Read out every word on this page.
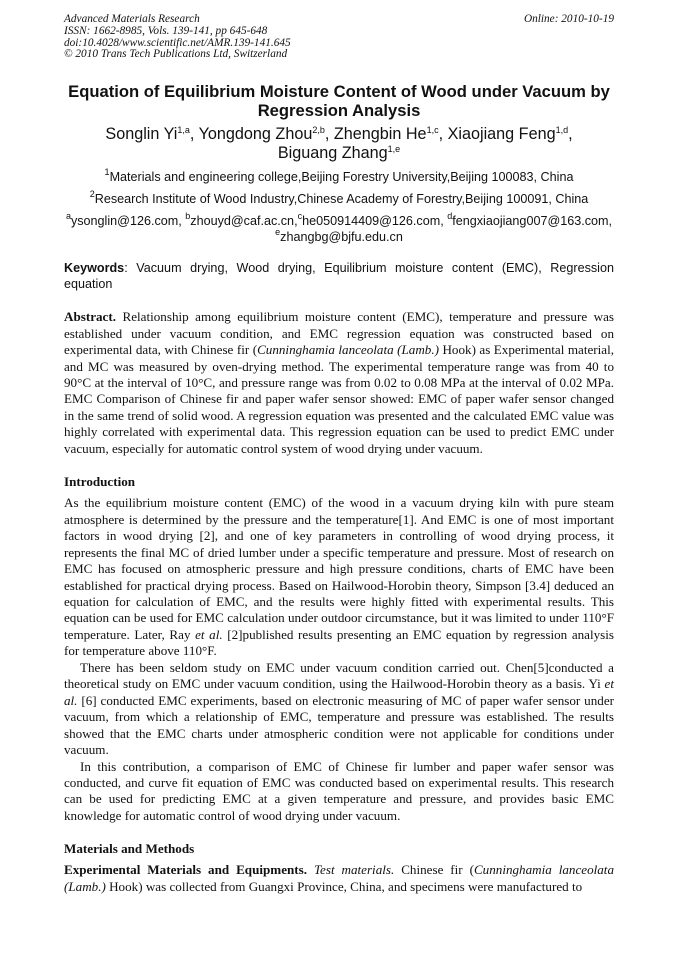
Online: 2010-10-19
Advanced Materials Research
ISSN: 1662-8985, Vols. 139-141, pp 645-648
doi:10.4028/www.scientific.net/AMR.139-141.645
© 2010 Trans Tech Publications Ltd, Switzerland
Equation of Equilibrium Moisture Content of Wood under Vacuum by Regression Analysis
Songlin Yi$^{1,a}$, Yongdong Zhou$^{2,b}$, Zhengbin He$^{1,c}$, Xiaojiang Feng$^{1,d}$,
Biguang Zhang$^{1,e}$
$^1$Materials and engineering college,Beijing Forestry University,Beijing 100083, China
$^2$Research Institute of Wood Industry,Chinese Academy of Forestry,Beijing 100091, China
$^a$ysonglin@126.com, $^b$zhouyd@caf.ac.cn,$^c$he050914409@126.com, $^d$fengxiaojiang007@163.com,
$^e$zhangbg@bjfu.edu.cn
Keywords: Vacuum drying, Wood drying, Equilibrium moisture content (EMC), Regression equation
Abstract. Relationship among equilibrium moisture content (EMC), temperature and pressure was established under vacuum condition, and EMC regression equation was constructed based on experimental data, with Chinese fir (Cunninghamia lanceolata (Lamb.) Hook) as Experimental material, and MC was measured by oven-drying method. The experimental temperature range was from 40 to 90°C at the interval of 10°C, and pressure range was from 0.02 to 0.08 MPa at the interval of 0.02 MPa. EMC Comparison of Chinese fir and paper wafer sensor showed: EMC of paper wafer sensor changed in the same trend of solid wood. A regression equation was presented and the calculated EMC value was highly correlated with experimental data. This regression equation can be used to predict EMC under vacuum, especially for automatic control system of wood drying under vacuum.
Introduction
As the equilibrium moisture content (EMC) of the wood in a vacuum drying kiln with pure steam atmosphere is determined by the pressure and the temperature[1]. And EMC is one of most important factors in wood drying [2], and one of key parameters in controlling of wood drying process, it represents the final MC of dried lumber under a specific temperature and pressure. Most of research on EMC has focused on atmospheric pressure and high pressure conditions, charts of EMC have been established for practical drying process. Based on Hailwood-Horobin theory, Simpson [3.4] deduced an equation for calculation of EMC, and the results were highly fitted with experimental results. This equation can be used for EMC calculation under outdoor circumstance, but it was limited to under 110°F temperature. Later, Ray et al. [2]published results presenting an EMC equation by regression analysis for temperature above 110°F.
There has been seldom study on EMC under vacuum condition carried out. Chen[5]conducted a theoretical study on EMC under vacuum condition, using the Hailwood-Horobin theory as a basis. Yi et al. [6] conducted EMC experiments, based on electronic measuring of MC of paper wafer sensor under vacuum, from which a relationship of EMC, temperature and pressure was established. The results showed that the EMC charts under atmospheric condition were not applicable for conditions under vacuum.
In this contribution, a comparison of EMC of Chinese fir lumber and paper wafer sensor was conducted, and curve fit equation of EMC was conducted based on experimental results. This research can be used for predicting EMC at a given temperature and pressure, and provides basic EMC knowledge for automatic control of wood drying under vacuum.
Materials and Methods
Experimental Materials and Equipments. Test materials. Chinese fir (Cunninghamia lanceolata (Lamb.) Hook) was collected from Guangxi Province, China, and specimens were manufactured to
